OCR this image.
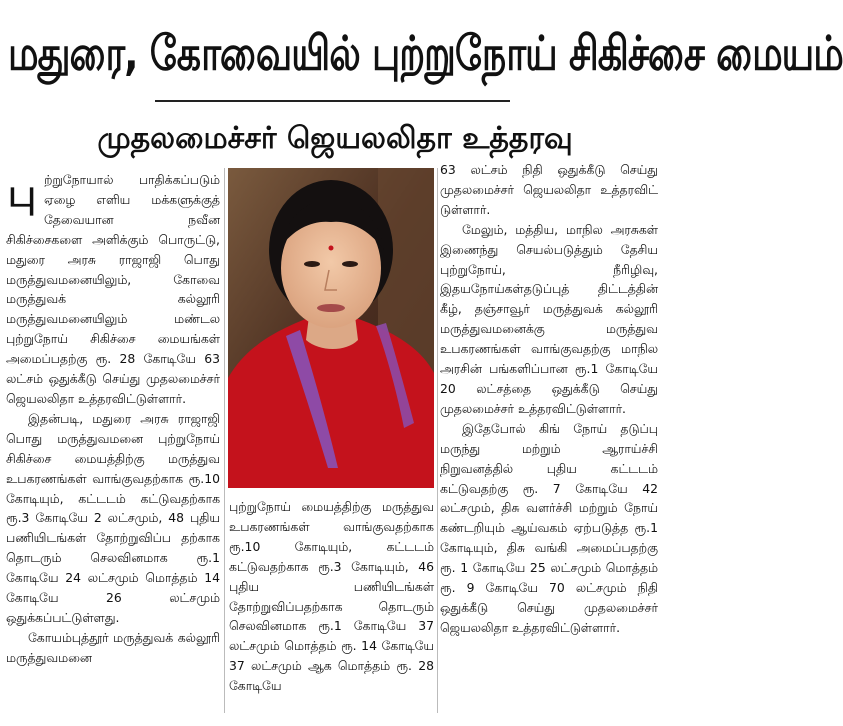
மதுரை, கோவையில் புற்றுநோய் சிகிச்சை மையம்
முதலமைச்சர் ஜெயலலிதா உத்தரவு
பு ற்றுநோயால் பாதிக்கப்படும் ஏழை எளிய மக்களுக்குத் தேவையான நவீன சிகிச்சைகளை அளிக்கும் பொருட்டு, மதுரை அரசு ராஜாஜி பொது மருத்துவமனையிலும், கோவை மருத்துவக் கல்லூரி மருத்துவமனையிலும் மண்டல புற்றுநோய் சிகிச்சை மையங்கள் அமைப்பதற்கு ரூ. 28 கோடியே 63 லட்சம் ஒதுக்கீடு செய்து முதலமைச்சர் ஜெயலலிதா உத்தரவிட்டுள்ளார்.

இதன்படி, மதுரை அரசு ராஜாஜி பொது மருத்துவமனை புற்றுநோய் சிகிச்சை மையத்திற்கு மருத்துவ உபகரணங்கள் வாங்குவதற்காக ரூ.10 கோடியும், கட்டடம் கட்டுவதற்காக ரூ.3 கோடியே 2 லட்சமும், 48 புதிய பணியிடங்கள் தோற்றுவிப்ப தற்காக தொடரும் செலவினமாக ரூ.1 கோடியே 24 லட்சமும் மொத்தம் 14 கோடியே 26 லட்சமும் ஒதுக்கப்பட்டுள்ளது.

கோயம்புத்தூர் மருத்துவக் கல்லூரி மருத்துவமனை

புற்றுநோய் மையத்திற்கு மருத்துவ உபகரணங்கள் வாங்குவதற்காக ரூ.10 கோடியும், கட்டடம் கட்டுவதற்காக ரூ.3 கோடியும், 46 புதிய பணியிடங்கள் தோற்றுவிப்பதற்காக தொடரும் செலவினமாக ரூ.1 கோடியே 37 லட்சமும் மொத்தம் ரூ. 14 கோடியே 37 லட்சமும் ஆக மொத்தம் ரூ. 28 கோடியே

63 லட்சம் நிதி ஒதுக்கீடு செய்து முதலமைச்சர் ஜெயலலிதா உத்தரவிட் டுள்ளார்.

மேலும், மத்திய, மாநில அரசுகள் இணைந்து செயல்படுத்தும் தேசிய புற்றுநோய், நீரிழிவு, இதயநோய்கள்தடுப்புத் திட்டத்தின் கீழ், தஞ்சாவூர் மருத்துவக் கல்லூரி மருத்துவமனைக்கு மருத்துவ உபகரணங்கள் வாங்குவதற்கு மாநில அரசின் பங்களிப்பான ரூ.1 கோடியே 20 லட்சத்தை ஒதுக்கீடு செய்து முதலமைச்சர் உத்தரவிட்டுள்ளார்.

இதேபோல் கிங் நோய் தடுப்பு மருந்து மற்றும் ஆராய்ச்சி நிறுவனத்தில் புதிய கட்டடம் கட்டுவதற்கு ரூ. 7 கோடியே 42 லட்சமும், திசு வளர்ச்சி மற்றும் நோய் கண்டறியும் ஆய்வகம் ஏற்படுத்த ரூ.1 கோடியும், திசு வங்கி அமைப்பதற்கு ரூ. 1 கோடியே 25 லட்சமும் மொத்தம் ரூ. 9 கோடியே 70 லட்சமும் நிதி ஒதுக்கீடு செய்து முதலமைச்சர் ஜெயலலிதா உத்தரவிட்டுள்ளார்.
